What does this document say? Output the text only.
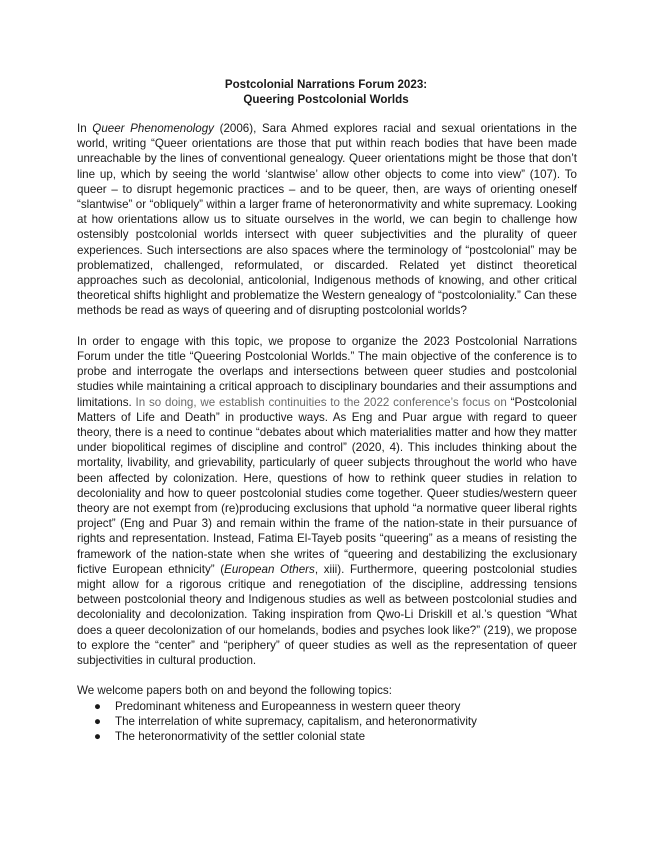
Postcolonial Narrations Forum 2023:
Queering Postcolonial Worlds

In Queer Phenomenology (2006), Sara Ahmed explores racial and sexual orientations in the world, writing “Queer orientations are those that put within reach bodies that have been made unreachable by the lines of conventional genealogy. Queer orientations might be those that don’t line up, which by seeing the world ‘slantwise’ allow other objects to come into view” (107). To queer – to disrupt hegemonic practices – and to be queer, then, are ways of orienting oneself “slantwise” or “obliquely” within a larger frame of heteronormativity and white supremacy. Looking at how orientations allow us to situate ourselves in the world, we can begin to challenge how ostensibly postcolonial worlds intersect with queer subjectivities and the plurality of queer experiences. Such intersections are also spaces where the terminology of “postcolonial” may be problematized, challenged, reformulated, or discarded. Related yet distinct theoretical approaches such as decolonial, anticolonial, Indigenous methods of knowing, and other critical theoretical shifts highlight and problematize the Western genealogy of “postcoloniality.” Can these methods be read as ways of queering and of disrupting postcolonial worlds?

In order to engage with this topic, we propose to organize the 2023 Postcolonial Narrations Forum under the title “Queering Postcolonial Worlds.” The main objective of the conference is to probe and interrogate the overlaps and intersections between queer studies and postcolonial studies while maintaining a critical approach to disciplinary boundaries and their assumptions and limitations. In so doing, we establish continuities to the 2022 conference’s focus on “Postcolonial Matters of Life and Death” in productive ways. As Eng and Puar argue with regard to queer theory, there is a need to continue “debates about which materialities matter and how they matter under biopolitical regimes of discipline and control” (2020, 4). This includes thinking about the mortality, livability, and grievability, particularly of queer subjects throughout the world who have been affected by colonization. Here, questions of how to rethink queer studies in relation to decoloniality and how to queer postcolonial studies come together. Queer studies/western queer theory are not exempt from (re)producing exclusions that uphold “a normative queer liberal rights project” (Eng and Puar 3) and remain within the frame of the nation-state in their pursuance of rights and representation. Instead, Fatima El-Tayeb posits “queering” as a means of resisting the framework of the nation-state when she writes of “queering and destabilizing the exclusionary fictive European ethnicity” (European Others, xiii). Furthermore, queering postcolonial studies might allow for a rigorous critique and renegotiation of the discipline, addressing tensions between postcolonial theory and Indigenous studies as well as between postcolonial studies and decoloniality and decolonization. Taking inspiration from Qwo-Li Driskill et al.’s question “What does a queer decolonization of our homelands, bodies and psyches look like?” (219), we propose to explore the “center” and “periphery” of queer studies as well as the representation of queer subjectivities in cultural production.

We welcome papers both on and beyond the following topics:

● Predominant whiteness and Europeanness in western queer theory
● The interrelation of white supremacy, capitalism, and heteronormativity
● The heteronormativity of the settler colonial state
